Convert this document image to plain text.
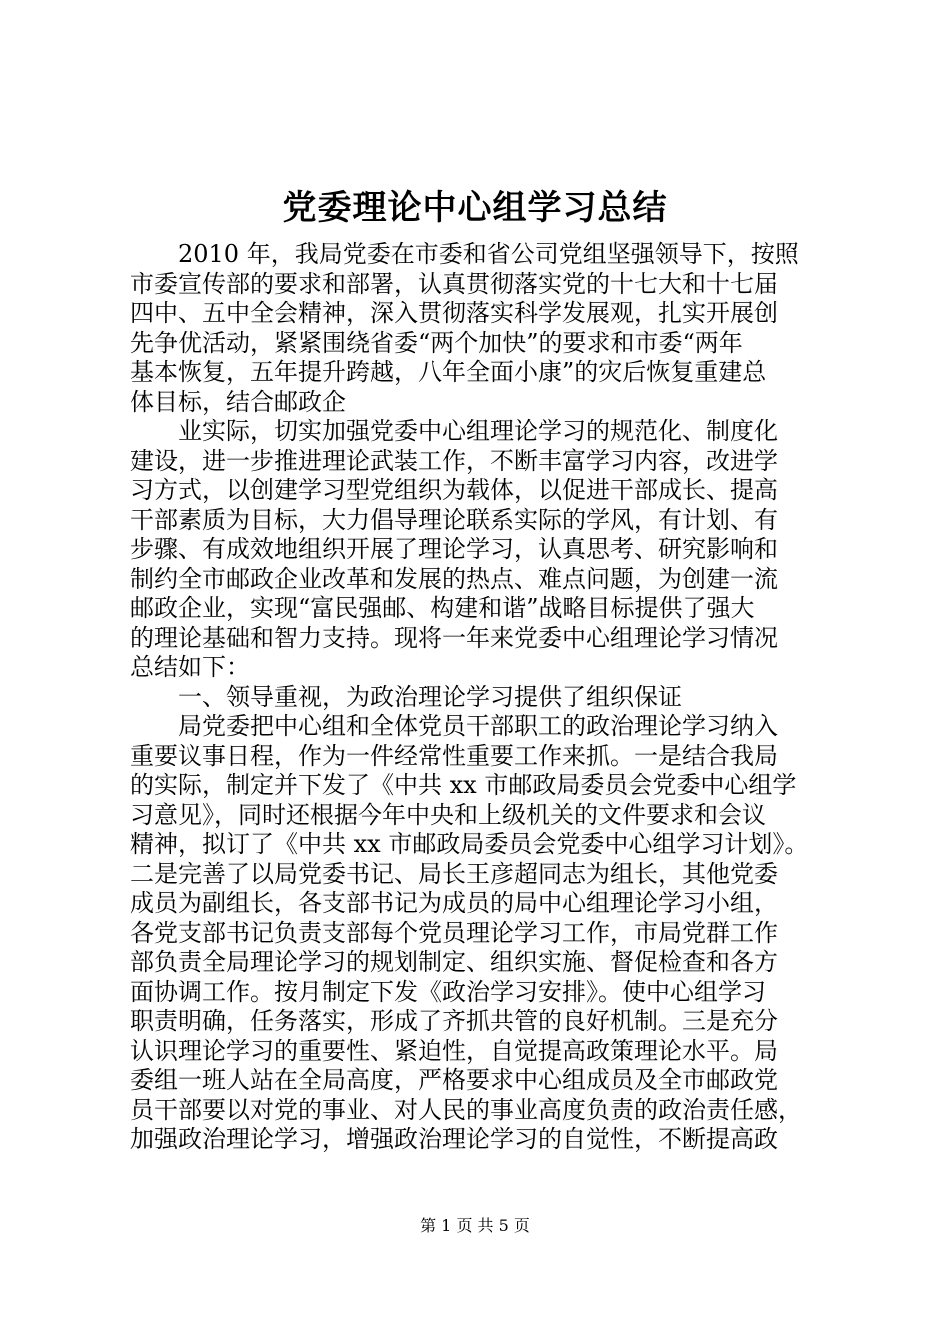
党委理论中心组学习总结
　　2010 年，我局党委在市委和省公司党组坚强领导下，按照
市委宣传部的要求和部署，认真贯彻落实党的十七大和十七届
四中、五中全会精神，深入贯彻落实科学发展观，扎实开展创
先争优活动，紧紧围绕省委“两个加快”的要求和市委“两年
基本恢复，五年提升跨越，八年全面小康”的灾后恢复重建总
体目标，结合邮政企
　　业实际，切实加强党委中心组理论学习的规范化、制度化
建设，进一步推进理论武装工作，不断丰富学习内容，改进学
习方式，以创建学习型党组织为载体，以促进干部成长、提高
干部素质为目标，大力倡导理论联系实际的学风，有计划、有
步骤、有成效地组织开展了理论学习，认真思考、研究影响和
制约全市邮政企业改革和发展的热点、难点问题，为创建一流
邮政企业，实现“富民强邮、构建和谐”战略目标提供了强大
的理论基础和智力支持。现将一年来党委中心组理论学习情况
总结如下：
　　一、领导重视，为政治理论学习提供了组织保证
　　局党委把中心组和全体党员干部职工的政治理论学习纳入
重要议事日程，作为一件经常性重要工作来抓。一是结合我局
的实际，制定并下发了《中共 xx 市邮政局委员会党委中心组学
习意见》，同时还根据今年中央和上级机关的文件要求和会议
精神，拟订了《中共 xx 市邮政局委员会党委中心组学习计划》。
二是完善了以局党委书记、局长王彦超同志为组长，其他党委
成员为副组长，各支部书记为成员的局中心组理论学习小组，
各党支部书记负责支部每个党员理论学习工作，市局党群工作
部负责全局理论学习的规划制定、组织实施、督促检查和各方
面协调工作。按月制定下发《政治学习安排》。使中心组学习
职责明确，任务落实，形成了齐抓共管的良好机制。三是充分
认识理论学习的重要性、紧迫性，自觉提高政策理论水平。局
委组一班人站在全局高度，严格要求中心组成员及全市邮政党
员干部要以对党的事业、对人民的事业高度负责的政治责任感，
加强政治理论学习，增强政治理论学习的自觉性，不断提高政
第 1 页 共 5 页
